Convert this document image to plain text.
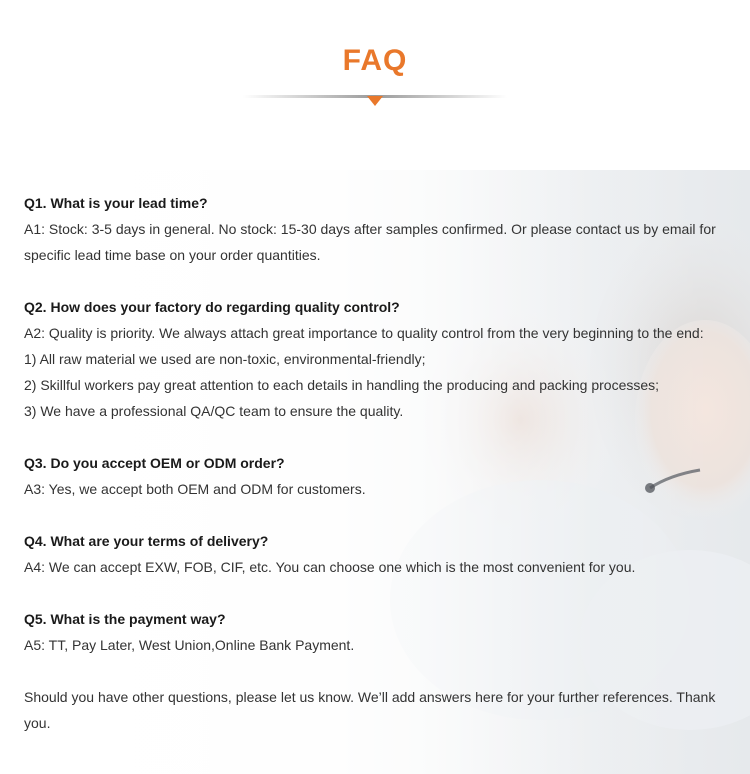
FAQ
Q1. What is your lead time?
A1: Stock: 3-5 days in general. No stock: 15-30 days after samples confirmed. Or please contact us by email for
specific lead time base on your order quantities.
Q2. How does your factory do regarding quality control?
A2: Quality is priority. We always attach great importance to quality control from the very beginning to the end:
1) All raw material we used are non-toxic, environmental-friendly;
2) Skillful workers pay great attention to each details in handling the producing and packing processes;
3) We have a professional QA/QC team to ensure the quality.
Q3. Do you accept OEM or ODM order?
A3: Yes, we accept both OEM and ODM for customers.
Q4. What are your terms of delivery?
A4: We can accept EXW, FOB, CIF, etc. You can choose one which is the most convenient for you.
Q5. What is the payment way?
A5: TT, Pay Later, West Union,Online Bank Payment.
Should you have other questions, please let us know. We’ll add answers here for your further references. Thank
you.
